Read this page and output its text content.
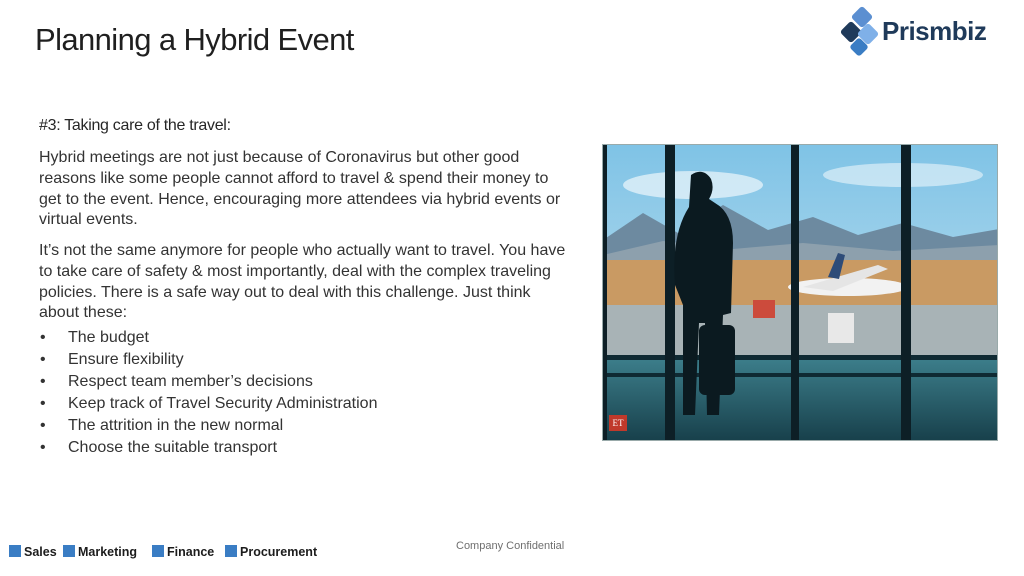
Planning a Hybrid Event	Prismbiz
#3: Taking care of the travel:

Hybrid meetings are not just because of Coronavirus but other good reasons like some people cannot afford to travel & spend their money to get to the event. Hence, encouraging more attendees via hybrid events or virtual events.

It’s not the same anymore for people who actually want to travel. You have to take care of safety & most importantly, deal with the complex traveling policies. There is a safe way out to deal with this challenge. Just think about these:

• The budget
• Ensure flexibility
• Respect team member’s decisions
• Keep track of Travel Security Administration
• The attrition in the new normal
• Choose the suitable transport
ET
Company Confidential
Sales	Marketing	Finance	Procurement
